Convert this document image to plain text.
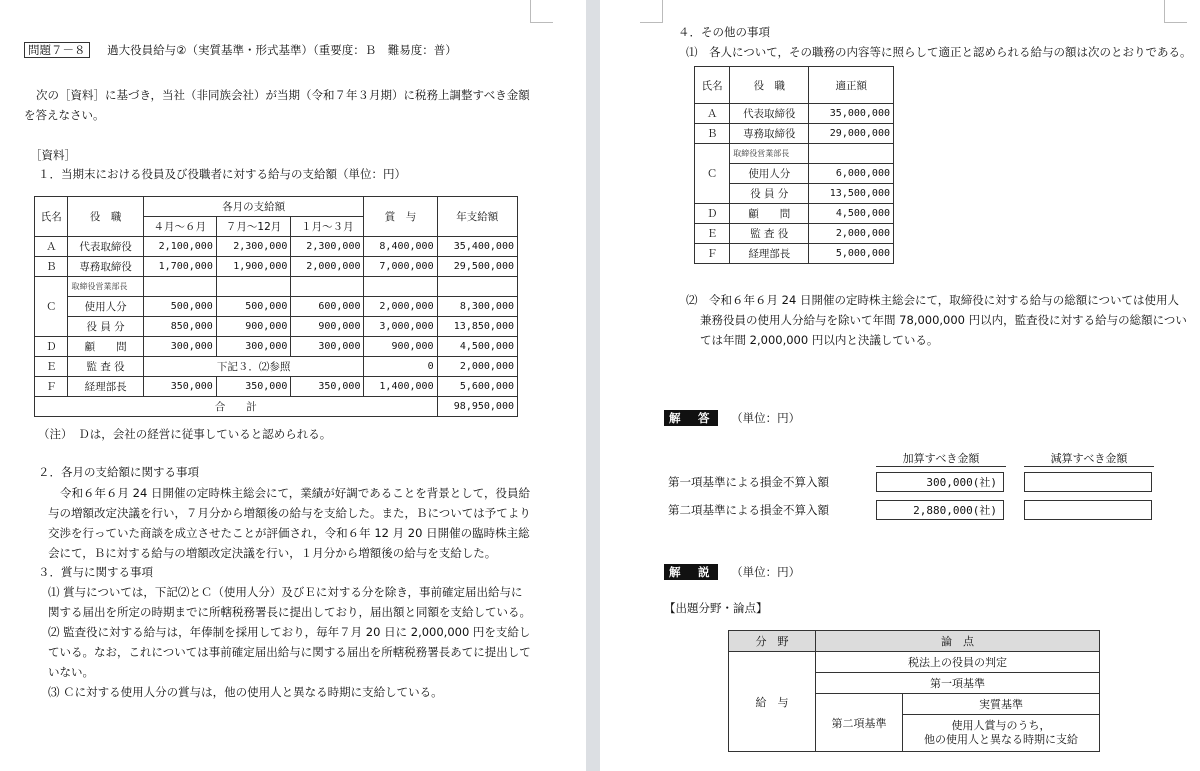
問題７－８ 過大役員給与②（実質基準・形式基準）（重要度：Ｂ　難易度：普）
次の［資料］に基づき，当社（非同族会社）が当期（令和７年３月期）に税務上調整すべき金額を答えなさい。
［資料］
１．当期末における役員及び役職者に対する給与の支給額（単位：円）
氏名	役　職	各月の支給額			賞　与	年支給額
		４月～６月	７月～12月	１月～３月		
Ａ	代表取締役	2,100,000	2,300,000	2,300,000	8,400,000	35,400,000
Ｂ	専務取締役	1,700,000	1,900,000	2,000,000	7,000,000	29,500,000
Ｃ	取締役営業部長					
	使用人分	500,000	500,000	600,000	2,000,000	8,300,000
	役 員 分	850,000	900,000	900,000	3,000,000	13,850,000
Ｄ	顧　　問	300,000	300,000	300,000	900,000	4,500,000
Ｅ	監 査 役	下記３．⑵参照			0	2,000,000
Ｆ	経理部長	350,000	350,000	350,000	1,400,000	5,600,000
合　　計						98,950,000
（注）　Ｄは，会社の経営に従事していると認められる。
２．各月の支給額に関する事項
令和６年６月 24 日開催の定時株主総会にて，業績が好調であることを背景として，役員給与の増額改定決議を行い，７月分から増額後の給与を支給した。また，Ｂについては予てより交渉を行っていた商談を成立させたことが評価され，令和６年 12 月 20 日開催の臨時株主総会にて，Ｂに対する給与の増額改定決議を行い，１月分から増額後の給与を支給した。
３．賞与に関する事項
⑴ 賞与については，下記⑵とＣ（使用人分）及びＥに対する分を除き，事前確定届出給与に関する届出を所定の時期までに所轄税務署長に提出しており，届出額と同額を支給している。
⑵ 監査役に対する給与は，年俸制を採用しており，毎年７月 20 日に 2,000,000 円を支給している。なお，これについては事前確定届出給与に関する届出を所轄税務署長あてに提出していない。
⑶ Ｃに対する使用人分の賞与は，他の使用人と異なる時期に支給している。
４．その他の事項
⑴　各人について，その職務の内容等に照らして適正と認められる給与の額は次のとおりである。
氏名	役　職	適正額
Ａ	代表取締役	35,000,000
Ｂ	専務取締役	29,000,000
Ｃ	取締役営業部長	
	使用人分	6,000,000
	役 員 分	13,500,000
Ｄ	顧　　問	4,500,000
Ｅ	監 査 役	2,000,000
Ｆ	経理部長	5,000,000
⑵　令和６年６月 24 日開催の定時株主総会にて，取締役に対する給与の総額については使用人兼務役員の使用人分給与を除いて年間 78,000,000 円以内，監査役に対する給与の総額については年間 2,000,000 円以内と決議している。
解　答 （単位：円）
加算すべき金額	減算すべき金額
第一項基準による損金不算入額	300,000(社)
第二項基準による損金不算入額	2,880,000(社)
解　説 （単位：円）
【出題分野・論点】
分　野	論　点	
給　与	税法上の役員の判定	
	第一項基準	
	第二項基準	実質基準

		使用人賞与のうち，
他の使用人と異なる時期に支給
